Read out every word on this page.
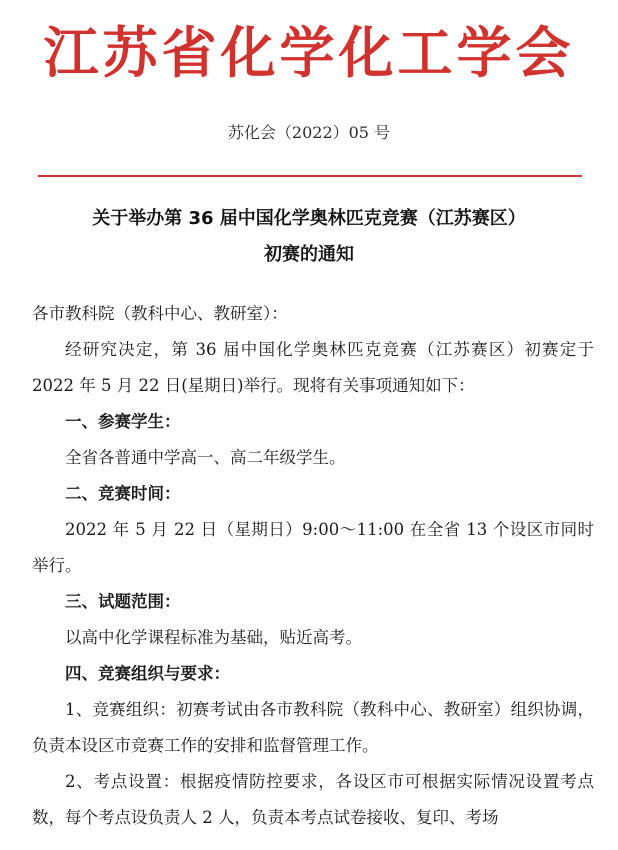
江苏省化学化工学会
苏化会（2022）05 号
关于举办第 36 届中国化学奥林匹克竞赛（江苏赛区）
初赛的通知

各市教科院（教科中心、教研室）：

经研究决定，第 36 届中国化学奥林匹克竞赛（江苏赛区）初赛定于 2022 年 5 月 22 日(星期日)举行。现将有关事项通知如下：

一、参赛学生：

全省各普通中学高一、高二年级学生。

二、竞赛时间：

2022 年 5 月 22 日（星期日）9:00～11:00 在全省 13 个设区市同时举行。

三、试题范围：

以高中化学课程标准为基础，贴近高考。

四、竞赛组织与要求：

1、竞赛组织：初赛考试由各市教科院（教科中心、教研室）组织协调，负责本设区市竞赛工作的安排和监督管理工作。

2、考点设置：根据疫情防控要求，各设区市可根据实际情况设置考点数，每个考点设负责人 2 人，负责本考点试卷接收、复印、考场
